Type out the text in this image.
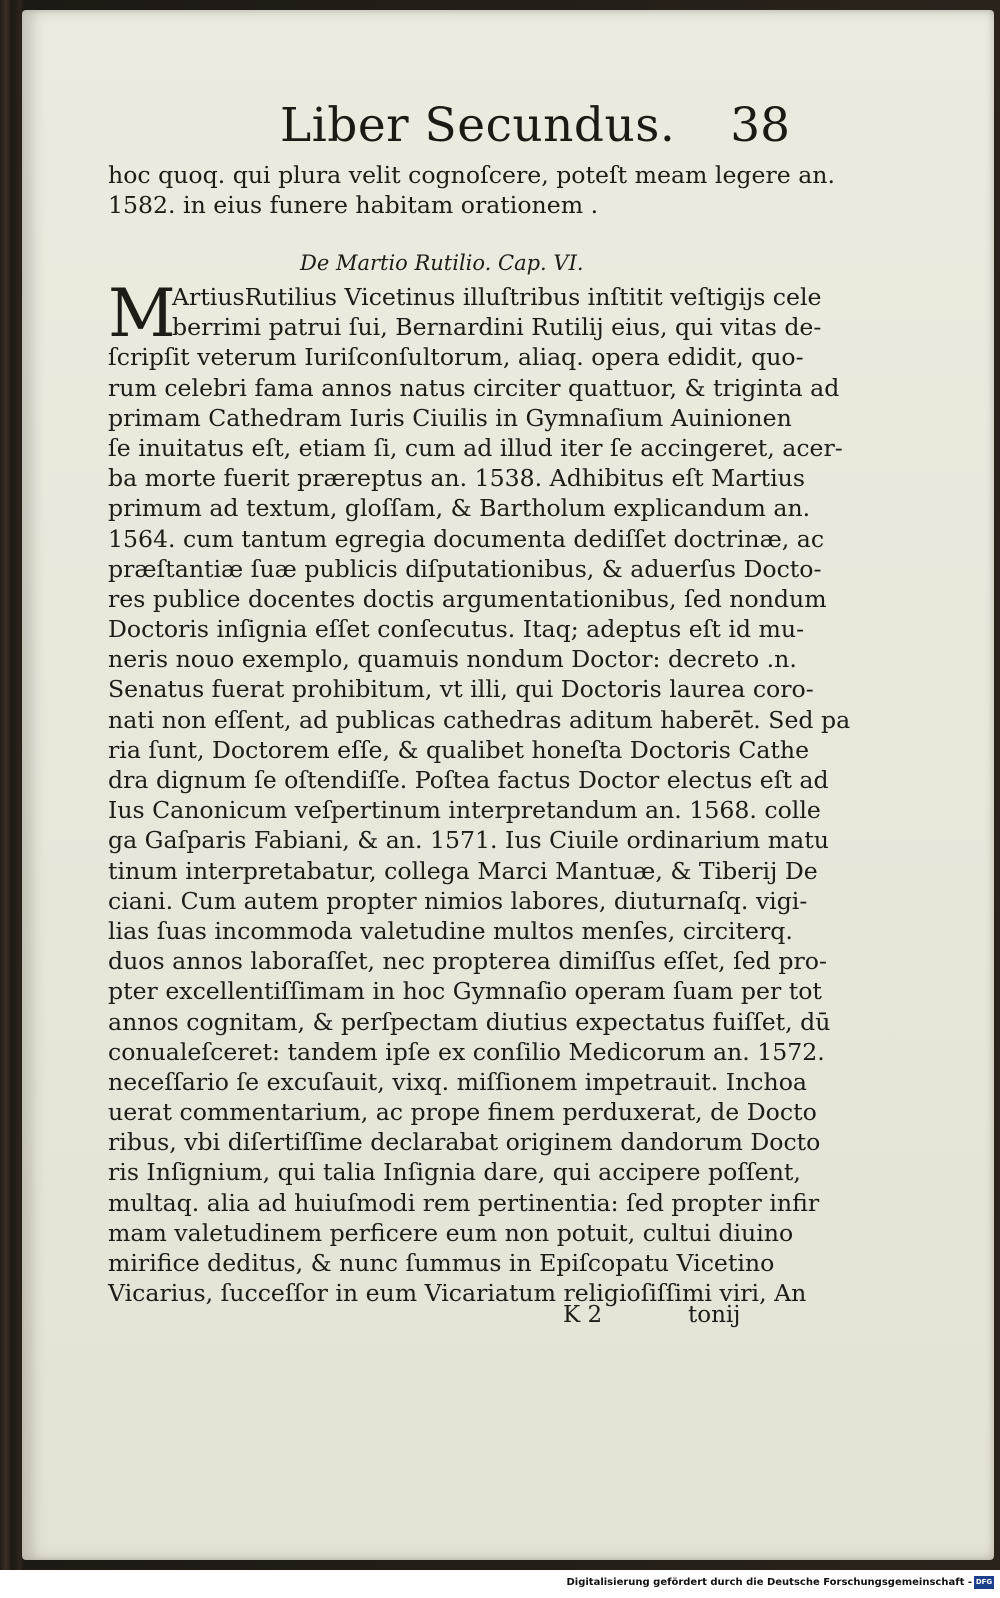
Liber Secundus. 38
hoc quoq. qui plura velit cognoſcere, poteſt meam legere an.
1582. in eius funere habitam orationem .
De Martio Rutilio. Cap. VI.
M
ArtiusRutilius Vicetinus illuſtribus inſtitit veſtigijs cele
berrimi patrui ſui, Bernardini Rutilij eius, qui vitas de-
ſcripſit veterum Iuriſconſultorum, aliaq. opera edidit, quo-
rum celebri fama annos natus circiter quattuor, & triginta ad
primam Cathedram Iuris Ciuilis in Gymnaſium Auinionen
ſe inuitatus eſt, etiam ſi, cum ad illud iter ſe accingeret, acer-
ba morte fuerit præreptus an. 1538. Adhibitus eſt Martius
primum ad textum, gloſſam, & Bartholum explicandum an.
1564. cum tantum egregia documenta dediſſet doctrinæ, ac
præſtantiæ ſuæ publicis diſputationibus, & aduerſus Docto-
res publice docentes doctis argumentationibus, ſed nondum
Doctoris inſignia eſſet conſecutus. Itaq; adeptus eſt id mu-
neris nouo exemplo, quamuis nondum Doctor: decreto .n.
Senatus fuerat prohibitum, vt illi, qui Doctoris laurea coro-
nati non eſſent, ad publicas cathedras aditum haberēt. Sed pa
ria ſunt, Doctorem eſſe, & qualibet honeſta Doctoris Cathe
dra dignum ſe oſtendiſſe. Poſtea factus Doctor electus eſt ad
Ius Canonicum veſpertinum interpretandum an. 1568. colle
ga Gaſparis Fabiani, & an. 1571. Ius Ciuile ordinarium matu
tinum interpretabatur, collega Marci Mantuæ, & Tiberij De
ciani. Cum autem propter nimios labores, diuturnaſq. vigi-
lias ſuas incommoda valetudine multos menſes, circiterq.
duos annos laboraſſet, nec propterea dimiſſus eſſet, ſed pro-
pter excellentiſſimam in hoc Gymnaſio operam ſuam per tot
annos cognitam, & perſpectam diutius expectatus fuiſſet, dū
conualeſceret: tandem ipſe ex conſilio Medicorum an. 1572.
neceſſario ſe excuſauit, vixq. miſſionem impetrauit. Inchoa
uerat commentarium, ac prope finem perduxerat, de Docto
ribus, vbi diſertiſſime declarabat originem dandorum Docto
ris Inſignium, qui talia Inſignia dare, qui accipere poſſent,
multaq. alia ad huiuſmodi rem pertinentia: ſed propter infir
mam valetudinem perficere eum non potuit, cultui diuino
mirifice deditus, & nunc ſummus in Epiſcopatu Vicetino
Vicarius, ſucceſſor in eum Vicariatum religioſiſſimi viri, An
K 2	tonij
Digitalisierung gefördert durch die Deutsche Forschungsgemeinschaft - DFG
